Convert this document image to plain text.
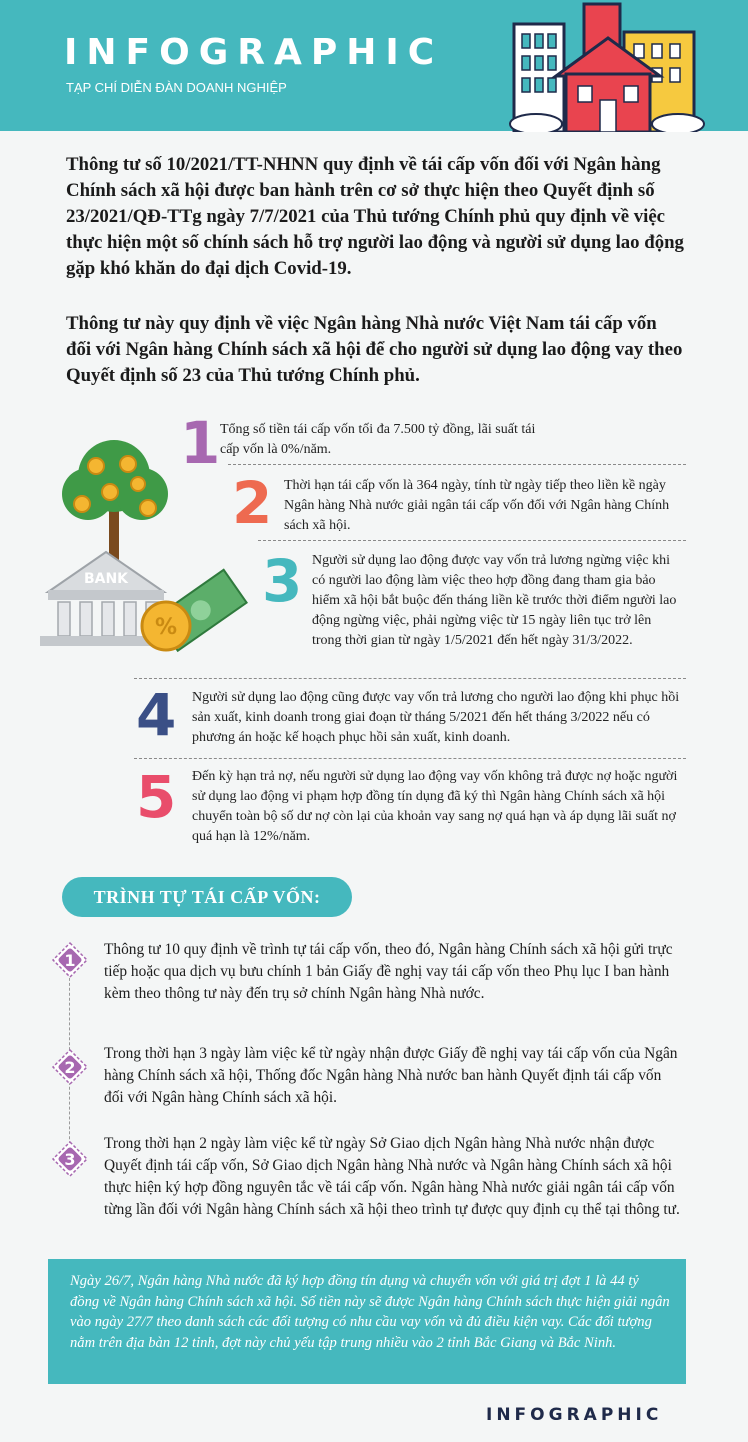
INFOGRAPHIC
TẠP CHÍ DIỄN ĐÀN DOANH NGHIỆP

Thông tư số 10/2021/TT-NHNN quy định về tái cấp vốn đối với Ngân hàng Chính sách xã hội được ban hành trên cơ sở thực hiện theo Quyết định số 23/2021/QĐ-TTg ngày 7/7/2021 của Thủ tướng Chính phủ quy định về việc thực hiện một số chính sách hỗ trợ người lao động và người sử dụng lao động gặp khó khăn do đại dịch Covid-19.

Thông tư này quy định về việc Ngân hàng Nhà nước Việt Nam tái cấp vốn đối với Ngân hàng Chính sách xã hội để cho người sử dụng lao động vay theo Quyết định số 23 của Thủ tướng Chính phủ.

BANK
%
1 Tổng số tiền tái cấp vốn tối đa 7.500 tỷ đồng, lãi suất tái cấp vốn là 0%/năm.

2 Thời hạn tái cấp vốn là 364 ngày, tính từ ngày tiếp theo liền kề ngày Ngân hàng Nhà nước giải ngân tái cấp vốn đối với Ngân hàng Chính sách xã hội.

3 Người sử dụng lao động được vay vốn trả lương ngừng việc khi có người lao động làm việc theo hợp đồng đang tham gia bảo hiểm xã hội bắt buộc đến tháng liền kề trước thời điểm người lao động ngừng việc, phải ngừng việc từ 15 ngày liên tục trở lên trong thời gian từ ngày 1/5/2021 đến hết ngày 31/3/2022.

4 Người sử dụng lao động cũng được vay vốn trả lương cho người lao động khi phục hồi sản xuất, kinh doanh trong giai đoạn từ tháng 5/2021 đến hết tháng 3/2022 nếu có phương án hoặc kế hoạch phục hồi sản xuất, kinh doanh.

5 Đến kỳ hạn trả nợ, nếu người sử dụng lao động vay vốn không trả được nợ hoặc người sử dụng lao động vi phạm hợp đồng tín dụng đã ký thì Ngân hàng Chính sách xã hội chuyển toàn bộ số dư nợ còn lại của khoản vay sang nợ quá hạn và áp dụng lãi suất nợ quá hạn là 12%/năm.

TRÌNH TỰ TÁI CẤP VỐN:
1

Thông tư 10 quy định về trình tự tái cấp vốn, theo đó, Ngân hàng Chính sách xã hội gửi trực tiếp hoặc qua dịch vụ bưu chính 1 bản Giấy đề nghị vay tái cấp vốn theo Phụ lục I ban hành kèm theo thông tư này đến trụ sở chính Ngân hàng Nhà nước.

2

Trong thời hạn 3 ngày làm việc kể từ ngày nhận được Giấy đề nghị vay tái cấp vốn của Ngân hàng Chính sách xã hội, Thống đốc Ngân hàng Nhà nước ban hành Quyết định tái cấp vốn đối với Ngân hàng Chính sách xã hội.

3

Trong thời hạn 2 ngày làm việc kể từ ngày Sở Giao dịch Ngân hàng Nhà nước nhận được Quyết định tái cấp vốn, Sở Giao dịch Ngân hàng Nhà nước và Ngân hàng Chính sách xã hội thực hiện ký hợp đồng nguyên tắc về tái cấp vốn. Ngân hàng Nhà nước giải ngân tái cấp vốn từng lần đối với Ngân hàng Chính sách xã hội theo trình tự được quy định cụ thể tại thông tư.

Ngày 26/7, Ngân hàng Nhà nước đã ký hợp đồng tín dụng và chuyển vốn với giá trị đợt 1 là 44 tỷ đồng về Ngân hàng Chính sách xã hội. Số tiền này sẽ được Ngân hàng Chính sách thực hiện giải ngân vào ngày 27/7 theo danh sách các đối tượng có nhu cầu vay vốn và đủ điều kiện vay. Các đối tượng nằm trên địa bàn 12 tỉnh, đợt này chủ yếu tập trung nhiều vào 2 tỉnh Bắc Giang và Bắc Ninh.

INFOGRAPHIC
